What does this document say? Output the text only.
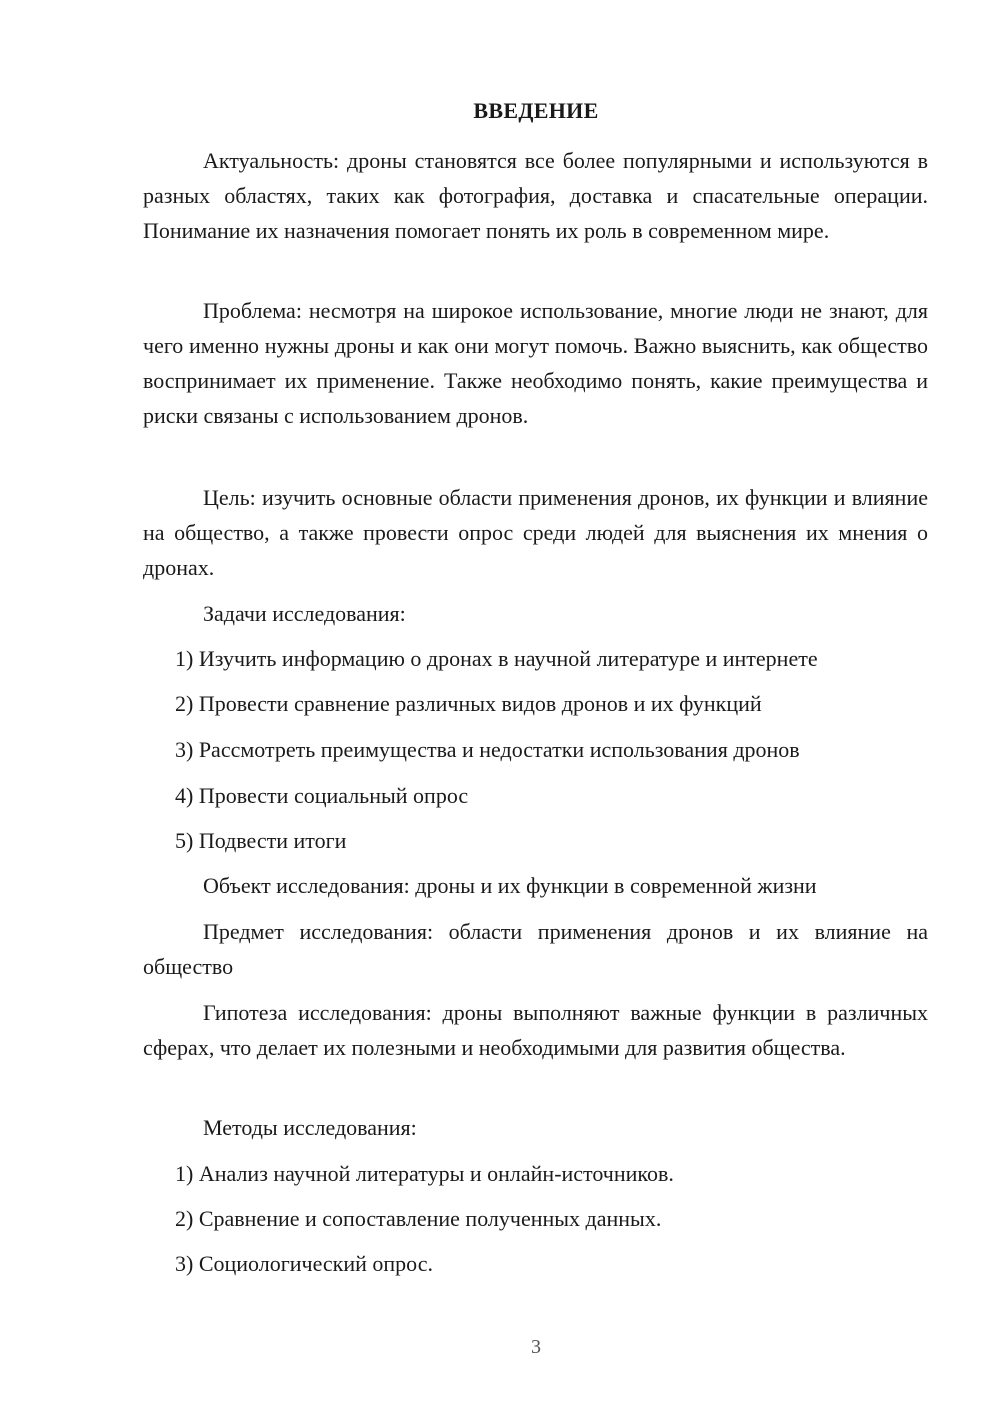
ВВЕДЕНИЕ

Актуальность: дроны становятся все более популярными и используются в разных областях, таких как фотография, доставка и спасательные операции. Понимание их назначения помогает понять их роль в современном мире.

Проблема: несмотря на широкое использование, многие люди не знают, для чего именно нужны дроны и как они могут помочь. Важно выяснить, как общество воспринимает их применение. Также необходимо понять, какие преимущества и риски связаны с использованием дронов.

Цель: изучить основные области применения дронов, их функции и влияние на общество, а также провести опрос среди людей для выяснения их мнения о дронах.

Задачи исследования:

1) Изучить информацию о дронах в научной литературе и интернете

2) Провести сравнение различных видов дронов и их функций

3) Рассмотреть преимущества и недостатки использования дронов

4) Провести социальный опрос

5) Подвести итоги

Объект исследования: дроны и их функции в современной жизни

Предмет исследования: области применения дронов и их влияние на общество

Гипотеза исследования: дроны выполняют важные функции в различных сферах, что делает их полезными и необходимыми для развития общества.

Методы исследования:

1) Анализ научной литературы и онлайн-источников.

2) Сравнение и сопоставление полученных данных.

3) Социологический опрос.

3
